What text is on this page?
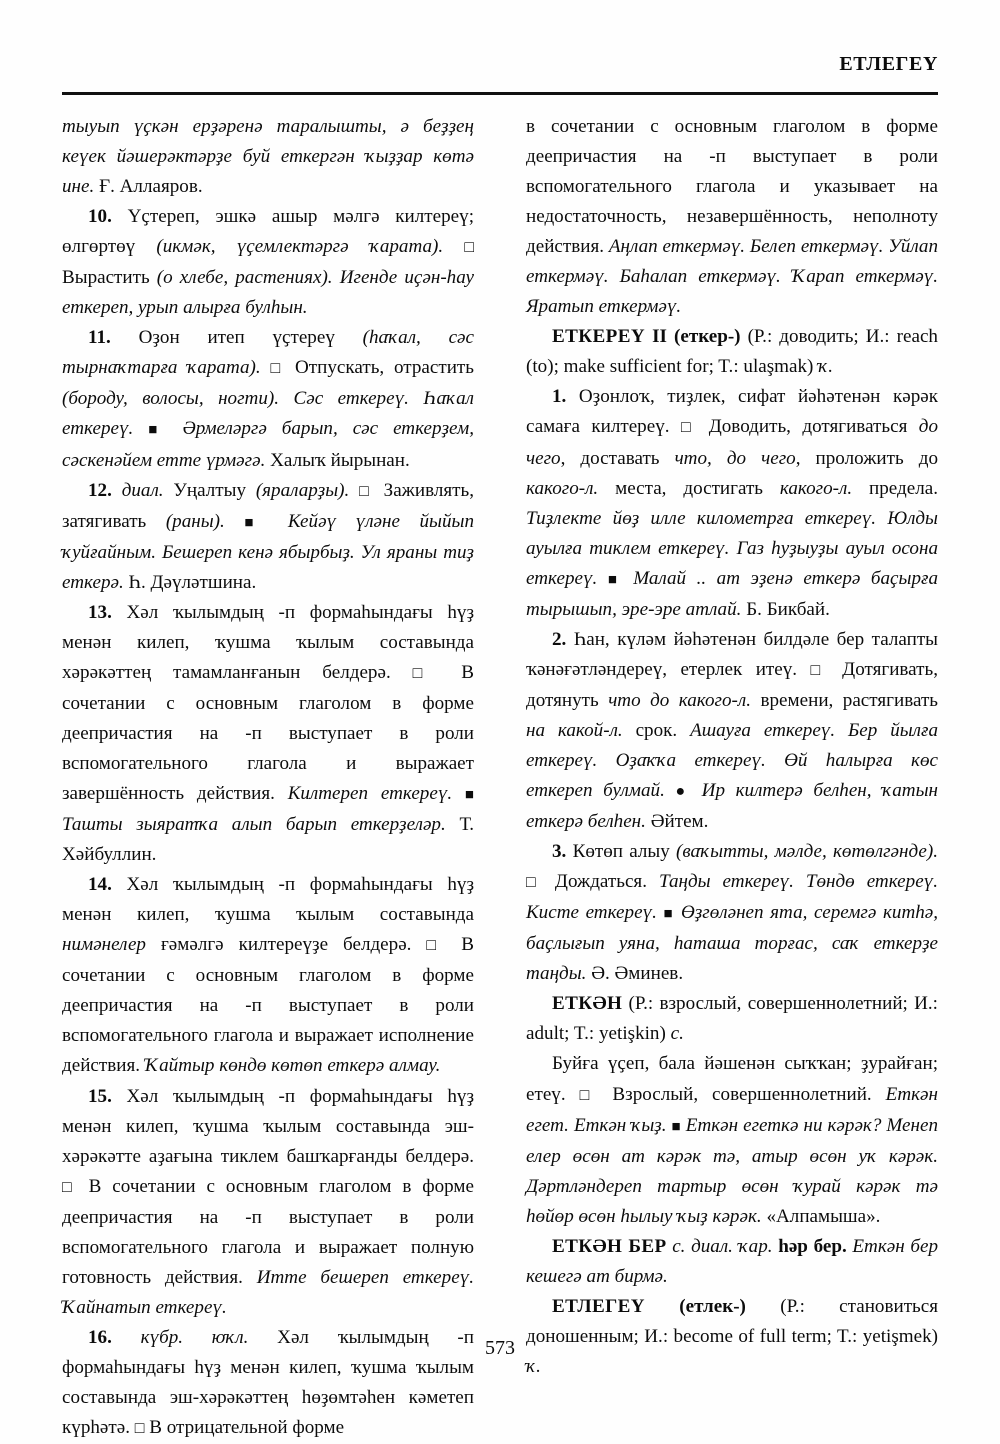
ЕТЛЕГЕҮ

тыуып үҫкән ерҙәренә таралышты, ә беҙҙең кеүек йәшерәктәрҙе буй еткергән ҡыҙҙар көтә ине. Ғ. Аллаяров.

10. Үҫтереп, эшкә ашыр мәлгә килтереү; өлгөртөү (икмәк, үҫемлектәргә ҡарата). □ Вырастить (о хлебе, растениях). Игенде иҫән-һау еткереп, урып алырға булһын.

11. Оҙон итеп үҫтереү (һаҡал, сәс тырнаҡтарға ҡарата). □ Отпускать, отрастить (бороду, волосы, ногти). Сәс еткереү. Һаҡал еткереү. ■ Әрмеләргә барып, сәс еткерҙем, сәскенәйем етте үрмәгә. Халыҡ йырынан.

12. диал. Уңалтыу (яраларҙы). □ Заживлять, затягивать (раны). ■ Кейәү үләне йыйып ҡуйғайным. Бешереп кенә ябырбыҙ. Ул яраны тиҙ еткерә. Һ. Дәүләтшина.

13. Хәл ҡылымдың -п формаһындағы һүҙ менән килеп, ҡушма ҡылым составында хәрәкәттең тамамланғанын белдерә. □ В сочетании с основным глаголом в форме деепричастия на -п выступает в роли вспомогательного глагола и выражает завершённость действия. Килтереп еткереү. ■ Ташты зыяратҡа алып барып еткерҙеләр. Т. Хәйбуллин.

14. Хәл ҡылымдың -п формаһындағы һүҙ менән килеп, ҡушма ҡылым составында нимәнелер ғәмәлгә килтереүҙе белдерә. □ В сочетании с основным глаголом в форме деепричастия на -п выступает в роли вспомогательного глагола и выражает исполнение действия. Ҡайтыр көндө көтөп еткерә алмау.

15. Хәл ҡылымдың -п формаһындағы һүҙ менән килеп, ҡушма ҡылым составында эш-хәрәкәтте аҙағына тиклем башҡарғанды белдерә. □ В сочетании с основным глаголом в форме деепричастия на -п выступает в роли вспомогательного глагола и выражает полную готовность действия. Итте бешереп еткереү. Ҡайнатып еткереү.

16. күбр. юҡл. Хәл ҡылымдың -п формаһындағы һүҙ менән килеп, ҡушма ҡылым составында эш-хәрәкәттең һөҙөмтәһен кәметеп күрһәтә. □ В отрицательной форме

в сочетании с основным глаголом в форме деепричастия на -п выступает в роли вспомогательного глагола и указывает на недостаточность, незавершённость, неполноту действия. Аңлап еткермәү. Белеп еткермәү. Уйлап еткермәү. Баһалап еткермәү. Ҡарап еткермәү. Яратып еткермәү.

ЕТКЕРЕҮ II (еткер-) (Р.: доводить; И.: reach (to); make sufficient for; T.: ulaşmak) ҡ.

1. Оҙонлоҡ, тиҙлек, сифат йәһәтенән кәрәк самаға килтереү. □ Доводить, дотягиваться до чего, доставать что, до чего, проложить до какого-л. места, достигать какого-л. предела. Тиҙлекте йөҙ илле километрға еткереү. Юлды ауылға тиклем еткереү. Газ һуҙыуҙы ауыл осона еткереү. ■ Малай .. ат эҙенә еткерә баҫырға тырышып, эре-эре атлай. Б. Бикбай.

2. Һан, күләм йәһәтенән билдәле бер талапты ҡәнәғәтләндереү, етерлек итеү. □ Дотягивать, дотянуть что до какого-л. времени, растягивать на какой-л. срок. Ашауға еткереү. Бер йылға еткереү. Оҙаҡҡа еткереү. Өй һалырға көс еткереп булмай. ● Ир килтерә белһен, ҡатын еткерә белһен. Әйтем.

3. Көтөп алыу (ваҡытты, мәлде, көтөлгәнде). □ Дождаться. Таңды еткереү. Төндө еткереү. Кисте еткереү. ■ Өҙгөләнеп ята, серемгә китһә, баҫлығып уяна, һаташа торғас, саҡ еткерҙе таңды. Ә. Әминев.

ЕТКӘН (Р.: взрослый, совершеннолетний; И.: adult; T.: yetişkin) с.

Буйға үҫеп, бала йәшенән сыҡҡан; ҙурайған; етеү. □ Взрослый, совершеннолетний. Еткән егет. Еткән ҡыҙ. ■ Еткән егеткә ни кәрәк? Менеп елер өсөн ат кәрәк тә, атыр өсөн уҡ кәрәк. Дәртләндереп тартыр өсөн ҡурай кәрәк тә һөйөр өсөн һылыу ҡыҙ кәрәк. «Алпамыша».

ЕТКӘН БЕР с. диал. ҡар. һәр бер. Еткән бер кешегә ат бирмә.

ЕТЛЕГЕҮ (етлек-) (Р.: становиться доношенным; И.: become of full term; T.: yetişmek) ҡ.

573
